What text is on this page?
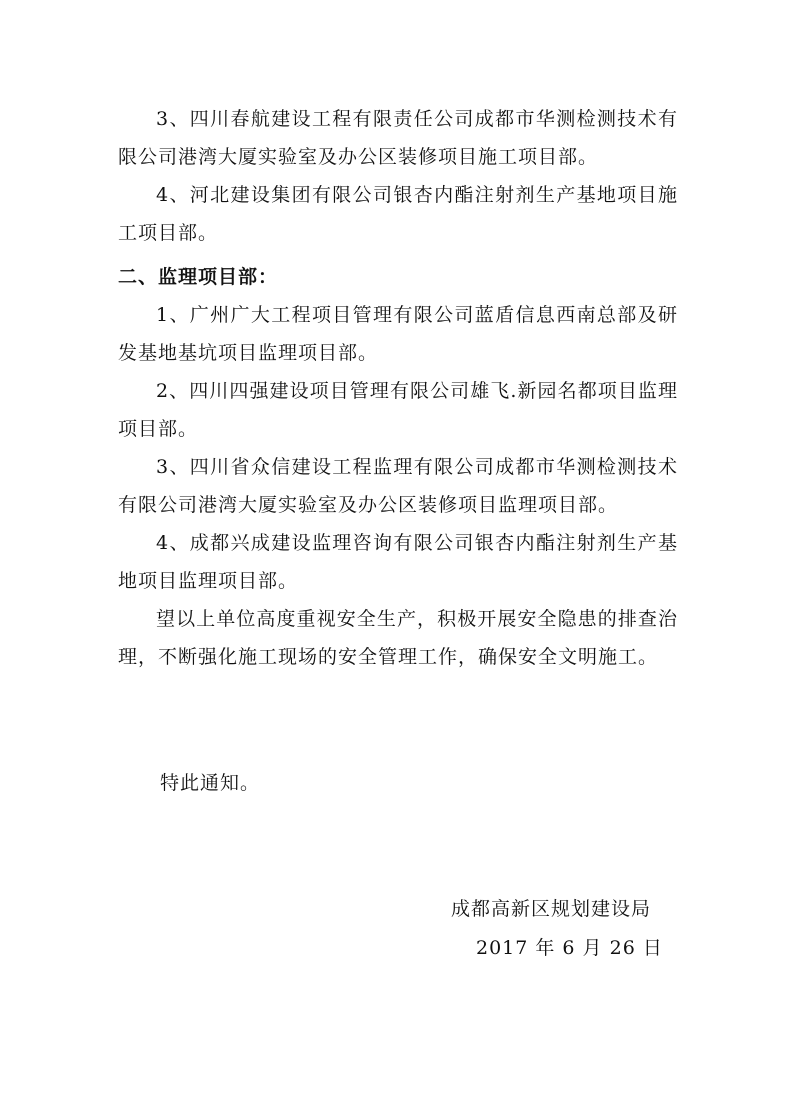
3、四川春航建设工程有限责任公司成都市华测检测技术有限公司港湾大厦实验室及办公区装修项目施工项目部。

4、河北建设集团有限公司银杏内酯注射剂生产基地项目施工项目部。

二、监理项目部：

1、广州广大工程项目管理有限公司蓝盾信息西南总部及研发基地基坑项目监理项目部。

2、四川四强建设项目管理有限公司雄飞.新园名都项目监理项目部。

3、四川省众信建设工程监理有限公司成都市华测检测技术有限公司港湾大厦实验室及办公区装修项目监理项目部。

4、成都兴成建设监理咨询有限公司银杏内酯注射剂生产基地项目监理项目部。

望以上单位高度重视安全生产，积极开展安全隐患的排查治理，不断强化施工现场的安全管理工作，确保安全文明施工。

特此通知。

成都高新区规划建设局

2017 年 6 月 26 日
